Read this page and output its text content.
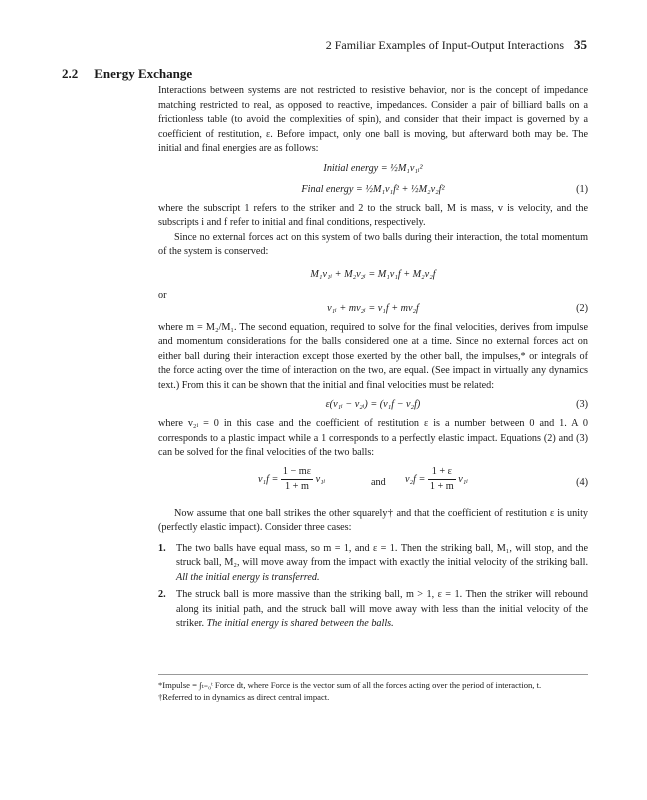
2 Familiar Examples of Input-Output Interactions 35
2.2 Energy Exchange

Interactions between systems are not restricted to resistive behavior, nor is the concept of impedance matching restricted to real, as opposed to reactive, impedances. Consider a pair of billiard balls on a frictionless table (to avoid the complexities of spin), and consider that their impact is governed by a coefficient of restitution, ε. Before impact, only one ball is moving, but afterward both may be. The initial and final energies are as follows:

Initial energy = ½M₁v₁ᵢ²
Final energy = ½M₁v₁f² + ½M₂v₂f²	(1)

where the subscript 1 refers to the striker and 2 to the struck ball, M is mass, v is velocity, and the subscripts i and f refer to initial and final conditions, respectively.

Since no external forces act on this system of two balls during their interaction, the total momentum of the system is conserved:

M₁v₁ᵢ + M₂v₂ᵢ = M₁v₁f + M₂v₂f
v₁ᵢ + mv₂ᵢ = v₁f + mv₂f	(2)

where m = M₂/M₁. The second equation, required to solve for the final velocities, derives from impulse and momentum considerations for the balls considered one at a time. Since no external forces act on either ball during their interaction except those exerted by the other ball, the impulses,* or integrals of the force acting over the time of interaction on the two, are equal. (See impact in virtually any dynamics text.) From this it can be shown that the initial and final velocities must be related:

ε(v₁ᵢ − v₂ᵢ) = (v₁f − v₂f)	(3)

where v₂ᵢ = 0 in this case and the coefficient of restitution ε is a number between 0 and 1. A 0 corresponds to a plastic impact while a 1 corresponds to a perfectly elastic impact. Equations (2) and (3) can be solved for the final velocities of the two balls:

$v_1f = \frac{1 - m\varepsilon}{1 + m}$ v₁ᵢ	and $v_2f = \frac{1 + \varepsilon}{1 + m}$ v₁ᵢ	(4)

Now assume that one ball strikes the other squarely† and that the coefficient of restitution ε is unity (perfectly elastic impact). Consider three cases:

1. The two balls have equal mass, so m = 1, and ε = 1. Then the striking ball, M₁, will stop, and the struck ball, M₂, will move away from the impact with exactly the initial velocity of the striking ball. All the initial energy is transferred.
2. The struck ball is more massive than the striking ball, m > 1, ε = 1. Then the striker will rebound along its initial path, and the struck ball will move away with less than the initial velocity of the striker. The initial energy is shared between the balls.
or

*Impulse = ∫ₜ₌₀ᵗ Force dt, where Force is the vector sum of all the forces acting over the period of interaction, t.

†Referred to in dynamics as direct central impact.
